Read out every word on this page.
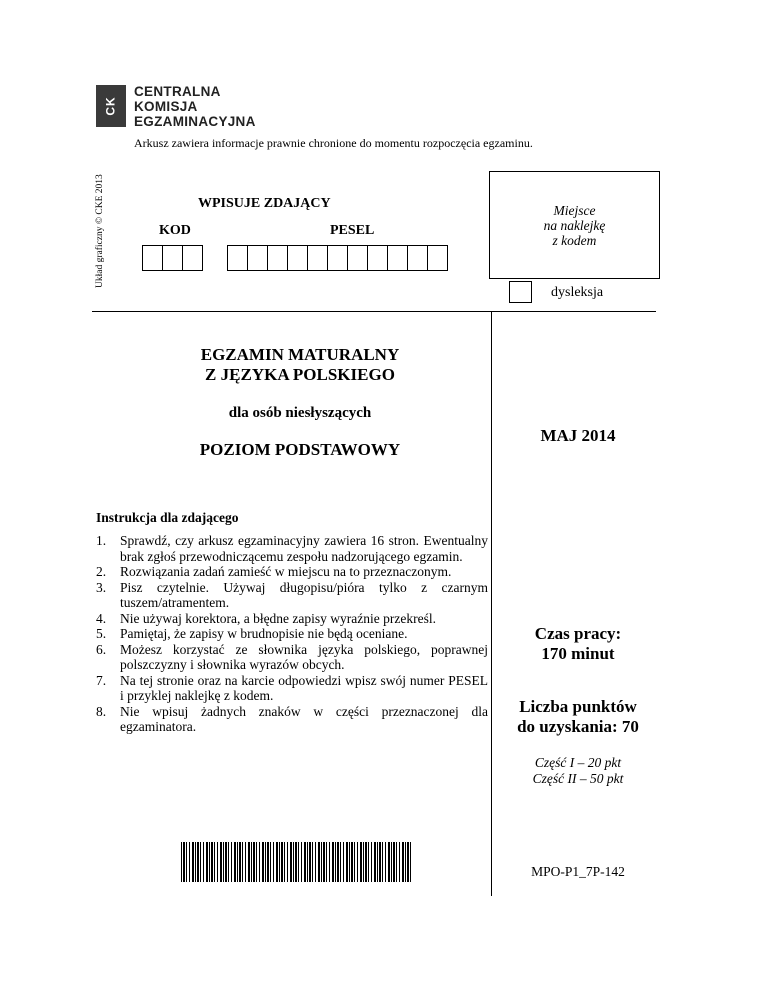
CK
CENTRALNA
KOMISJA
EGZAMINACYJNA
Układ graficzny © CKE 2013
Arkusz zawiera informacje prawnie chronione do momentu rozpoczęcia egzaminu.
WPISUJE ZDAJĄCY
KOD	PESEL
Miejsce
na naklejkę
z kodem
dysleksja
EGZAMIN MATURALNY
Z JĘZYKA POLSKIEGO
dla osób niesłyszących
POZIOM PODSTAWOWY
MAJ 2014
Instrukcja dla zdającego
1. Sprawdź, czy arkusz egzaminacyjny zawiera 16 stron. Ewentualny brak zgłoś przewodniczącemu zespołu nadzorującego egzamin.
2. Rozwiązania zadań zamieść w miejscu na to przeznaczonym.
3. Pisz czytelnie. Używaj długopisu/pióra tylko z czarnym tuszem/atramentem.
4. Nie używaj korektora, a błędne zapisy wyraźnie przekreśl.
5. Pamiętaj, że zapisy w brudnopisie nie będą oceniane.
6. Możesz korzystać ze słownika języka polskiego, poprawnej polszczyzny i słownika wyrazów obcych.
7. Na tej stronie oraz na karcie odpowiedzi wpisz swój numer PESEL i przyklej naklejkę z kodem.
8. Nie wpisuj żadnych znaków w części przeznaczonej dla egzaminatora.
Czas pracy:
170 minut
Liczba punktów
do uzyskania: 70
Część I – 20 pkt
Część II – 50 pkt
MPO-P1_7P-142
